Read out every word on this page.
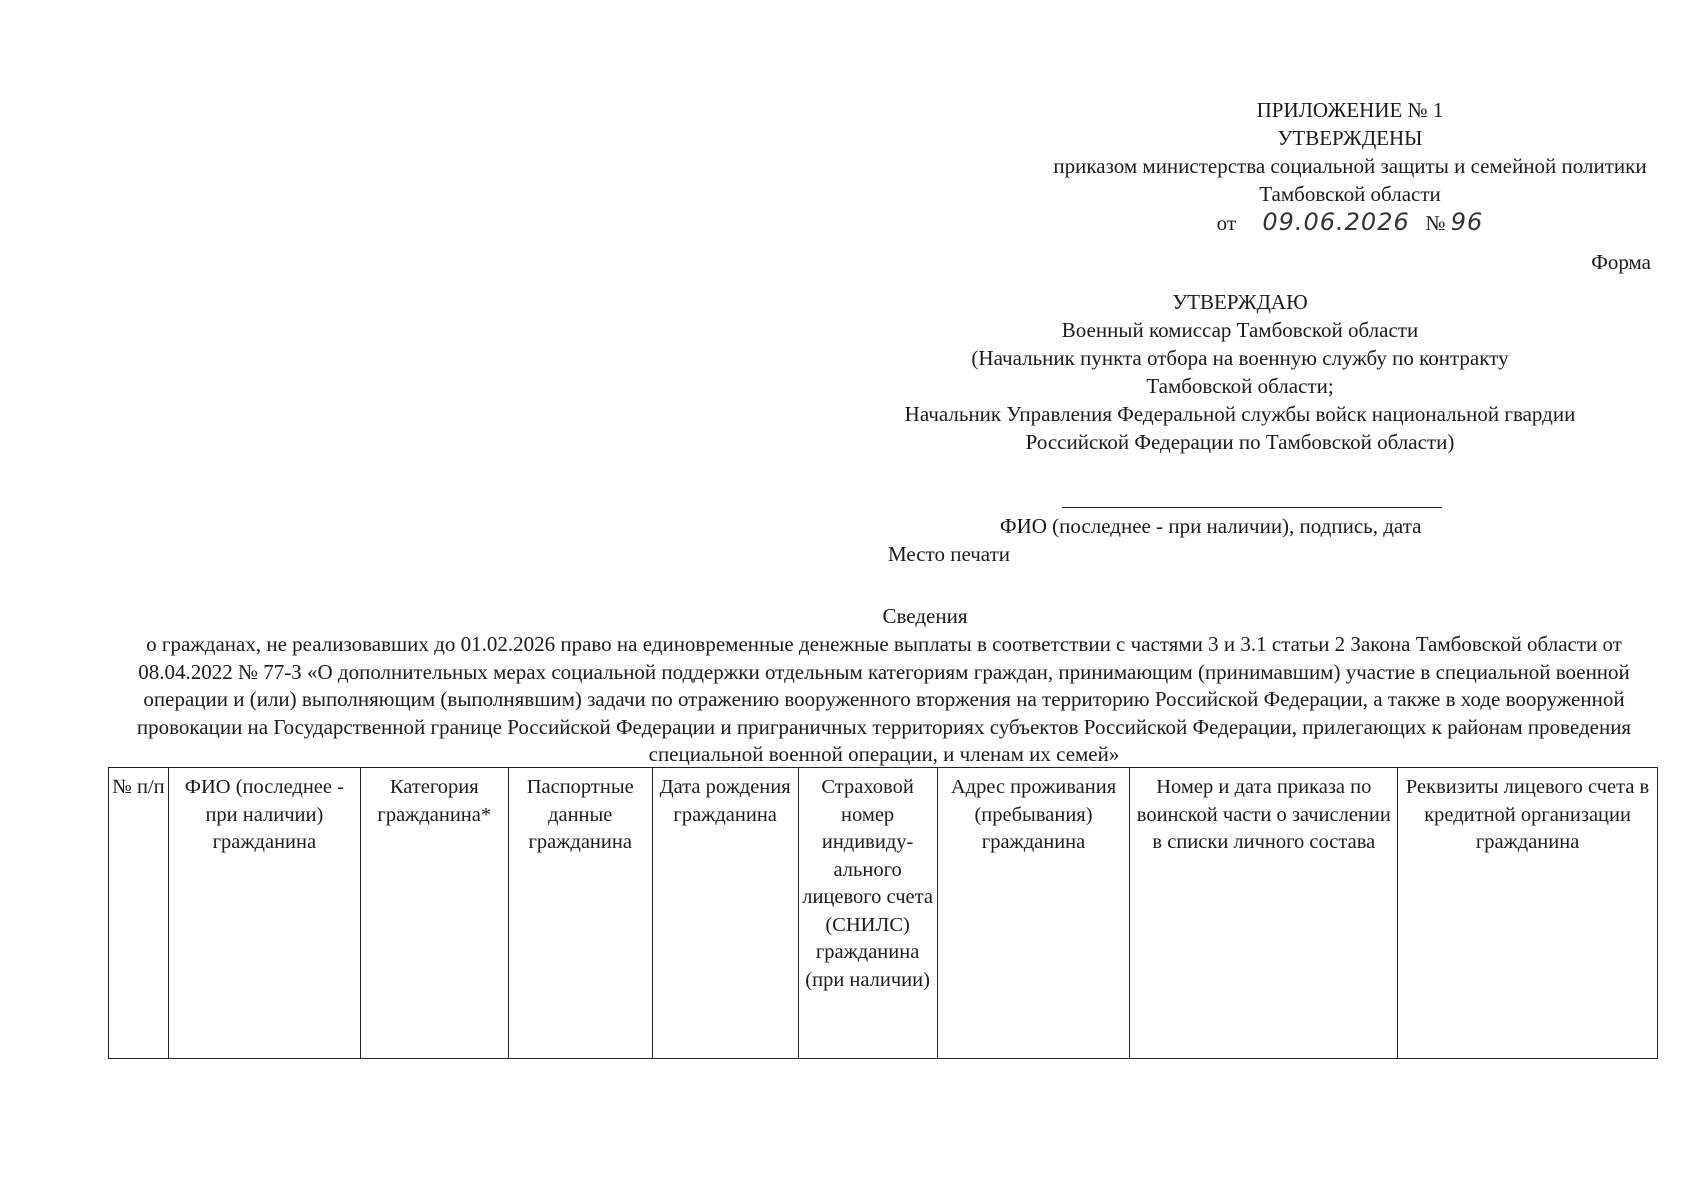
ПРИЛОЖЕНИЕ № 1
УТВЕРЖДЕНЫ
приказом министерства социальной защиты и семейной политики
Тамбовской области
от 09.06.2026 № 96
Форма
УТВЕРЖДАЮ
Военный комиссар Тамбовской области
(Начальник пункта отбора на военную службу по контракту
Тамбовской области;
Начальник Управления Федеральной службы войск национальной гвардии
Российской Федерации по Тамбовской области)
ФИО (последнее - при наличии), подпись, дата
Место печати
Сведения
о гражданах, не реализовавших до 01.02.2026 право на единовременные денежные выплаты в соответствии с частями 3 и 3.1 статьи 2 Закона Тамбовской области от 08.04.2022 № 77-З «О дополнительных мерах социальной поддержки отдельным категориям граждан, принимающим (принимавшим) участие в специальной военной операции и (или) выполняющим (выполнявшим) задачи по отражению вооруженного вторжения на территорию Российской Федерации, а также в ходе вооруженной провокации на Государственной границе Российской Федерации и приграничных территориях субъектов Российской Федерации, прилегающих к районам проведения специальной военной операции, и членам их семей»
№ п/п	ФИО (последнее - при наличии) гражданина	Категория гражданина*	Паспортные данные гражданина	Дата рождения гражданина	Страховой номер индивиду-ального лицевого счета (СНИЛС) гражданина (при наличии)	Адрес проживания (пребывания) гражданина	Номер и дата приказа по воинской части о зачислении в списки личного состава	Реквизиты лицевого счета в кредитной организации гражданина
